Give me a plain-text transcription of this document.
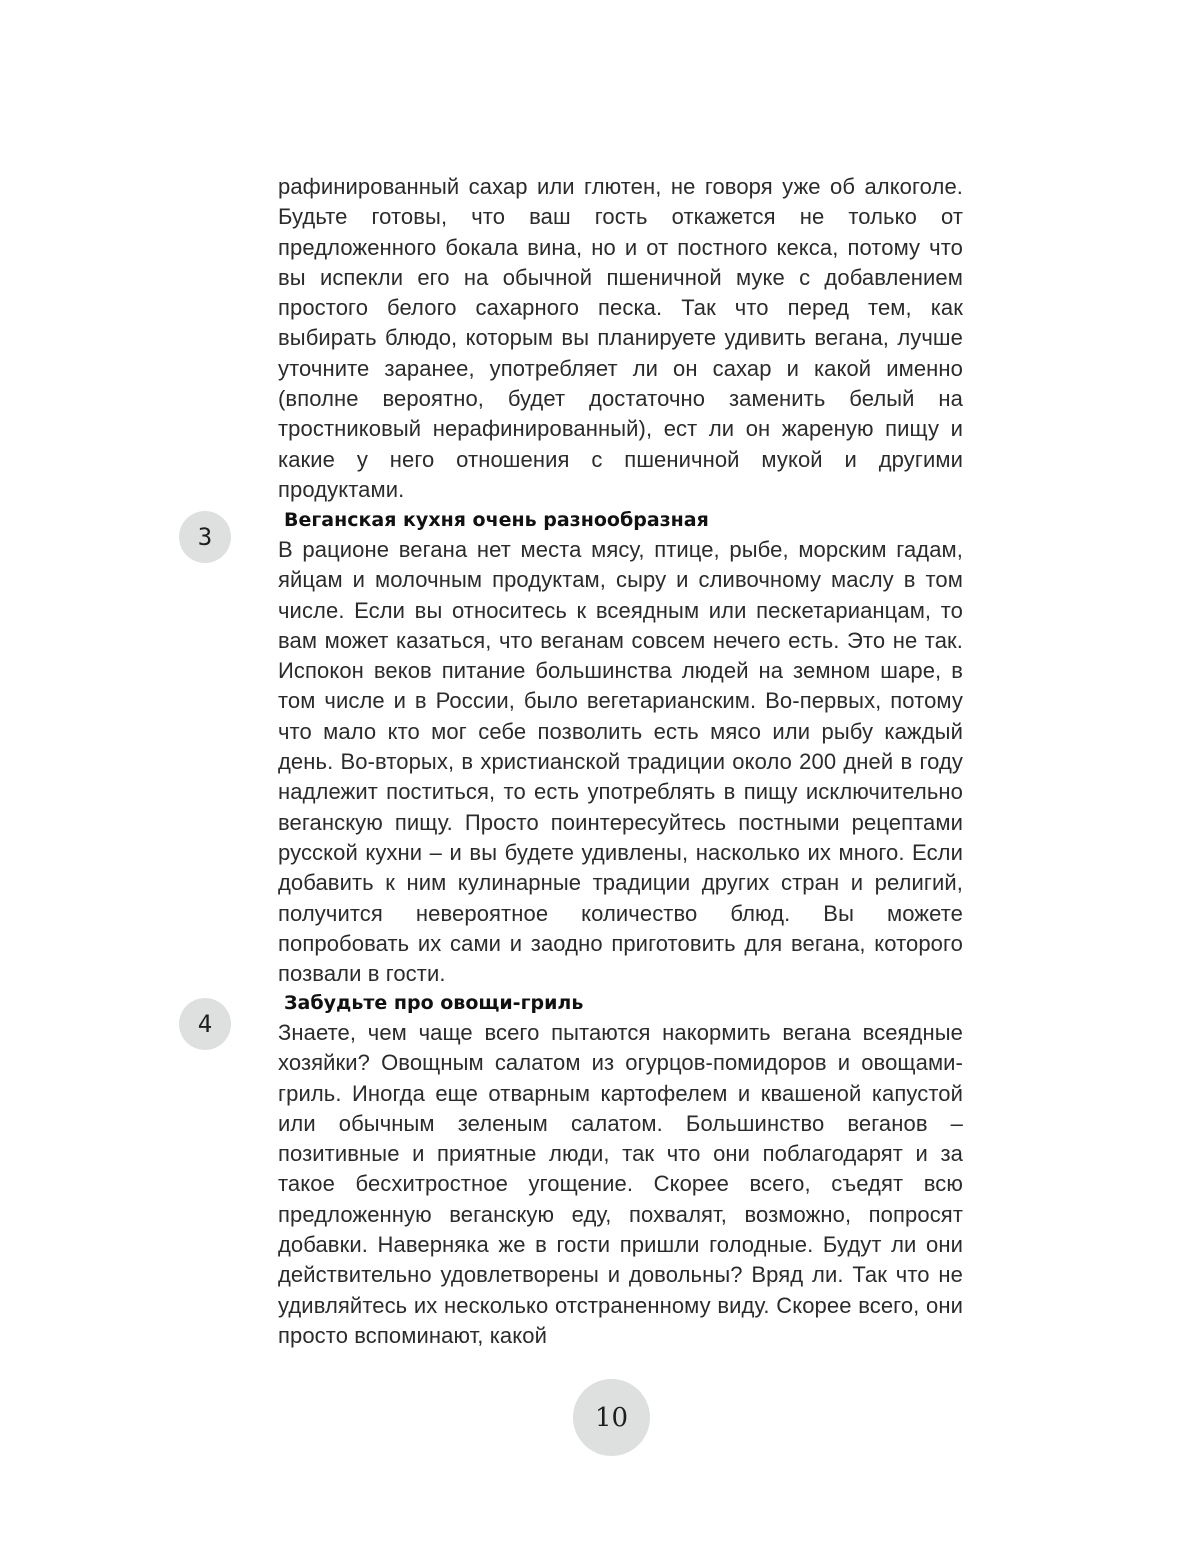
рафинированный сахар или глютен, не говоря уже об алкоголе. Будьте готовы, что ваш гость откажется не только от предложенного бокала вина, но и от постного кекса, потому что вы испекли его на обычной пшеничной муке с добавлением простого белого сахарного песка. Так что перед тем, как выбирать блюдо, которым вы планируете удивить вегана, лучше уточните заранее, употребляет ли он сахар и какой именно (вполне вероятно, будет достаточно заменить белый на тростниковый нерафинированный), ест ли он жареную пищу и какие у него отношения с пшеничной мукой и другими продуктами.

3
Веганская кухня очень разнообразная

В рационе вегана нет места мясу, птице, рыбе, морским гадам, яйцам и молочным продуктам, сыру и сливочному маслу в том числе. Если вы относитесь к всеядным или пескетарианцам, то вам может казаться, что веганам совсем нечего есть. Это не так. Испокон веков питание большинства людей на земном шаре, в том числе и в России, было вегетарианским. Во-первых, потому что мало кто мог себе позволить есть мясо или рыбу каждый день. Во-вторых, в христианской традиции около 200 дней в году надлежит поститься, то есть употреблять в пищу исключительно веганскую пищу. Просто поинтересуйтесь постными рецептами русской кухни – и вы будете удивлены, насколько их много. Если добавить к ним кулинарные традиции других стран и религий, получится невероятное количество блюд. Вы можете попробовать их сами и заодно приготовить для вегана, которого позвали в гости.

4
Забудьте про овощи-гриль

Знаете, чем чаще всего пытаются накормить вегана всеядные хозяйки? Овощным салатом из огурцов-помидоров и овощами-гриль. Иногда еще отварным картофелем и квашеной капустой или обычным зелeным салатом. Большинство веганов – позитивные и приятные люди, так что они поблагодарят и за такое бесхитростное угощение. Скорее всего, съедят всю предложенную веганскую еду, похвалят, возможно, попросят добавки. Наверняка же в гости пришли голодные. Будут ли они действительно удовлетворены и довольны? Вряд ли. Так что не удивляйтесь их несколько отстраненному виду. Скорее всего, они просто вспоминают, какой

10
